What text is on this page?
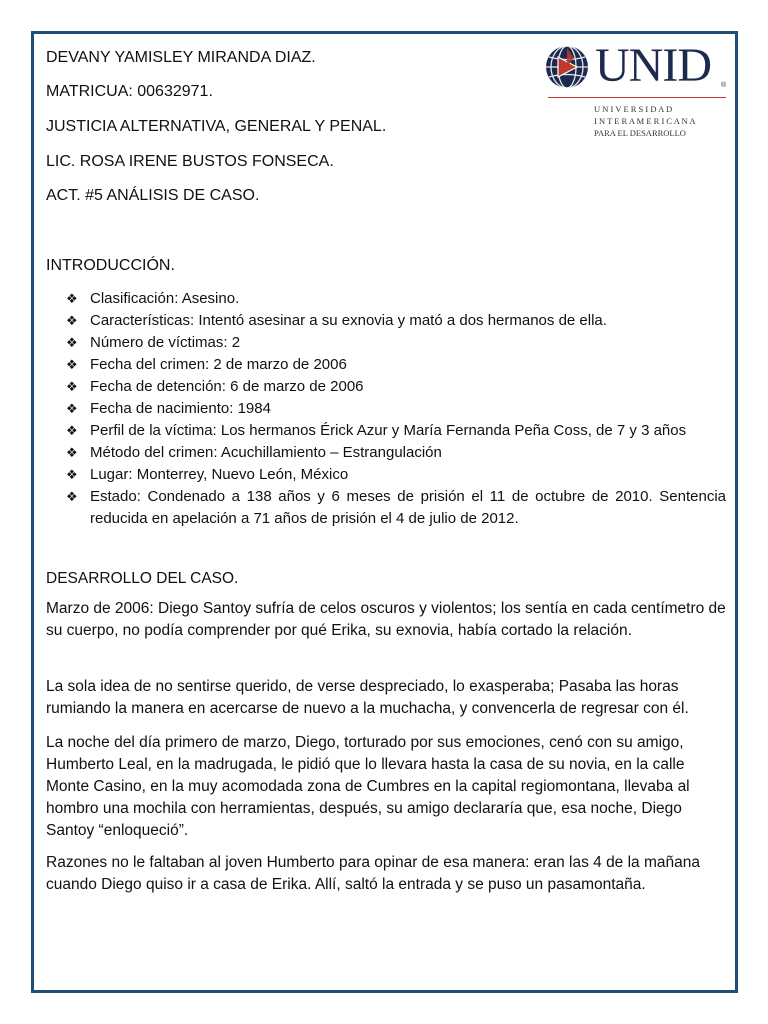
DEVANY YAMISLEY MIRANDA DIAZ.
MATRICUA: 00632971.
JUSTICIA ALTERNATIVA, GENERAL Y PENAL.
LIC. ROSA IRENE BUSTOS FONSECA.
ACT. #5 ANÁLISIS DE CASO.
UNID ®
U N I V E R S I D A D
I N T E R A M E R I C A N A
PARA EL DESARROLLO
INTRODUCCIÓN.
❖ Clasificación: Asesino.
❖ Características: Intentó asesinar a su exnovia y mató a dos hermanos de ella.
❖ Número de víctimas: 2
❖ Fecha del crimen: 2 de marzo de 2006
❖ Fecha de detención: 6 de marzo de 2006
❖ Fecha de nacimiento: 1984
❖ Perfil de la víctima: Los hermanos Érick Azur y María Fernanda Peña Coss, de 7 y 3 años
❖ Método del crimen: Acuchillamiento – Estrangulación
❖ Lugar: Monterrey, Nuevo León, México
❖ Estado: Condenado a 138 años y 6 meses de prisión el 11 de octubre de 2010. Sentencia reducida en apelación a 71 años de prisión el 4 de julio de 2012.
DESARROLLO DEL CASO.

Marzo de 2006: Diego Santoy sufría de celos oscuros y violentos; los sentía en cada centímetro de su cuerpo, no podía comprender por qué Erika, su exnovia, había cortado la relación.

La sola idea de no sentirse querido, de verse despreciado, lo exasperaba; Pasaba las horas rumiando la manera en acercarse de nuevo a la muchacha, y convencerla de regresar con él.

La noche del día primero de marzo, Diego, torturado por sus emociones, cenó con su amigo, Humberto Leal, en la madrugada, le pidió que lo llevara hasta la casa de su novia, en la calle Monte Casino, en la muy acomodada zona de Cumbres en la capital regiomontana, llevaba al hombro una mochila con herramientas, después, su amigo declararía que, esa noche, Diego Santoy “enloqueció”.

Razones no le faltaban al joven Humberto para opinar de esa manera: eran las 4 de la mañana cuando Diego quiso ir a casa de Erika. Allí, saltó la entrada y se puso un pasamontaña.
